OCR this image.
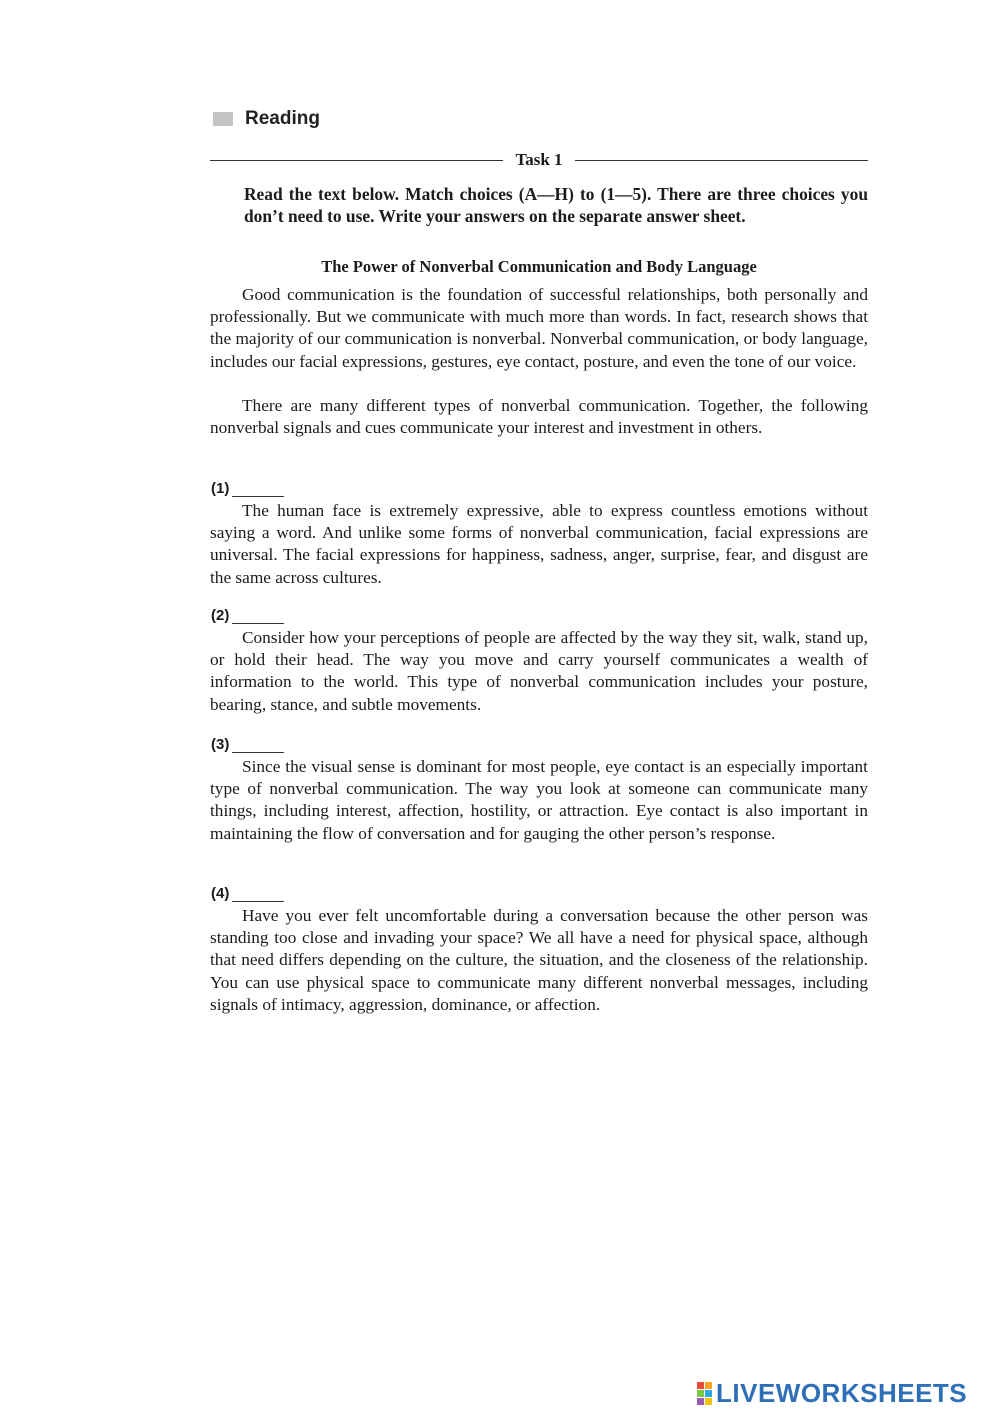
Reading
Task 1

Read the text below. Match choices (A—H) to (1—5). There are three choices you don’t need to use. Write your answers on the separate answer sheet.

The Power of Nonverbal Communication and Body Language

Good communication is the foundation of successful relationships, both personally and professionally. But we communicate with much more than words. In fact, research shows that the majority of our communication is nonverbal. Nonverbal communication, or body language, includes our facial expressions, gestures, eye contact, posture, and even the tone of our voice.

There are many different types of nonverbal communication. Together, the following nonverbal signals and cues communicate your interest and investment in others.

(1)

The human face is extremely expressive, able to express countless emotions without saying a word. And unlike some forms of nonverbal communication, facial expressions are universal. The facial expressions for happiness, sadness, anger, surprise, fear, and disgust are the same across cultures.

(2)

Consider how your perceptions of people are affected by the way they sit, walk, stand up, or hold their head. The way you move and carry yourself communicates a wealth of information to the world. This type of nonverbal communication includes your posture, bearing, stance, and subtle movements.

(3)

Since the visual sense is dominant for most people, eye contact is an especially important type of nonverbal communication. The way you look at someone can communicate many things, including interest, affection, hostility, or attraction. Eye contact is also important in maintaining the flow of conversation and for gauging the other person’s response.

(4)

Have you ever felt uncomfortable during a conversation because the other person was standing too close and invading your space? We all have a need for physical space, although that need differs depending on the culture, the situation, and the closeness of the relationship. You can use physical space to communicate many different nonverbal messages, including signals of intimacy, aggression, dominance, or affection.

LIVEWORKSHEETS
